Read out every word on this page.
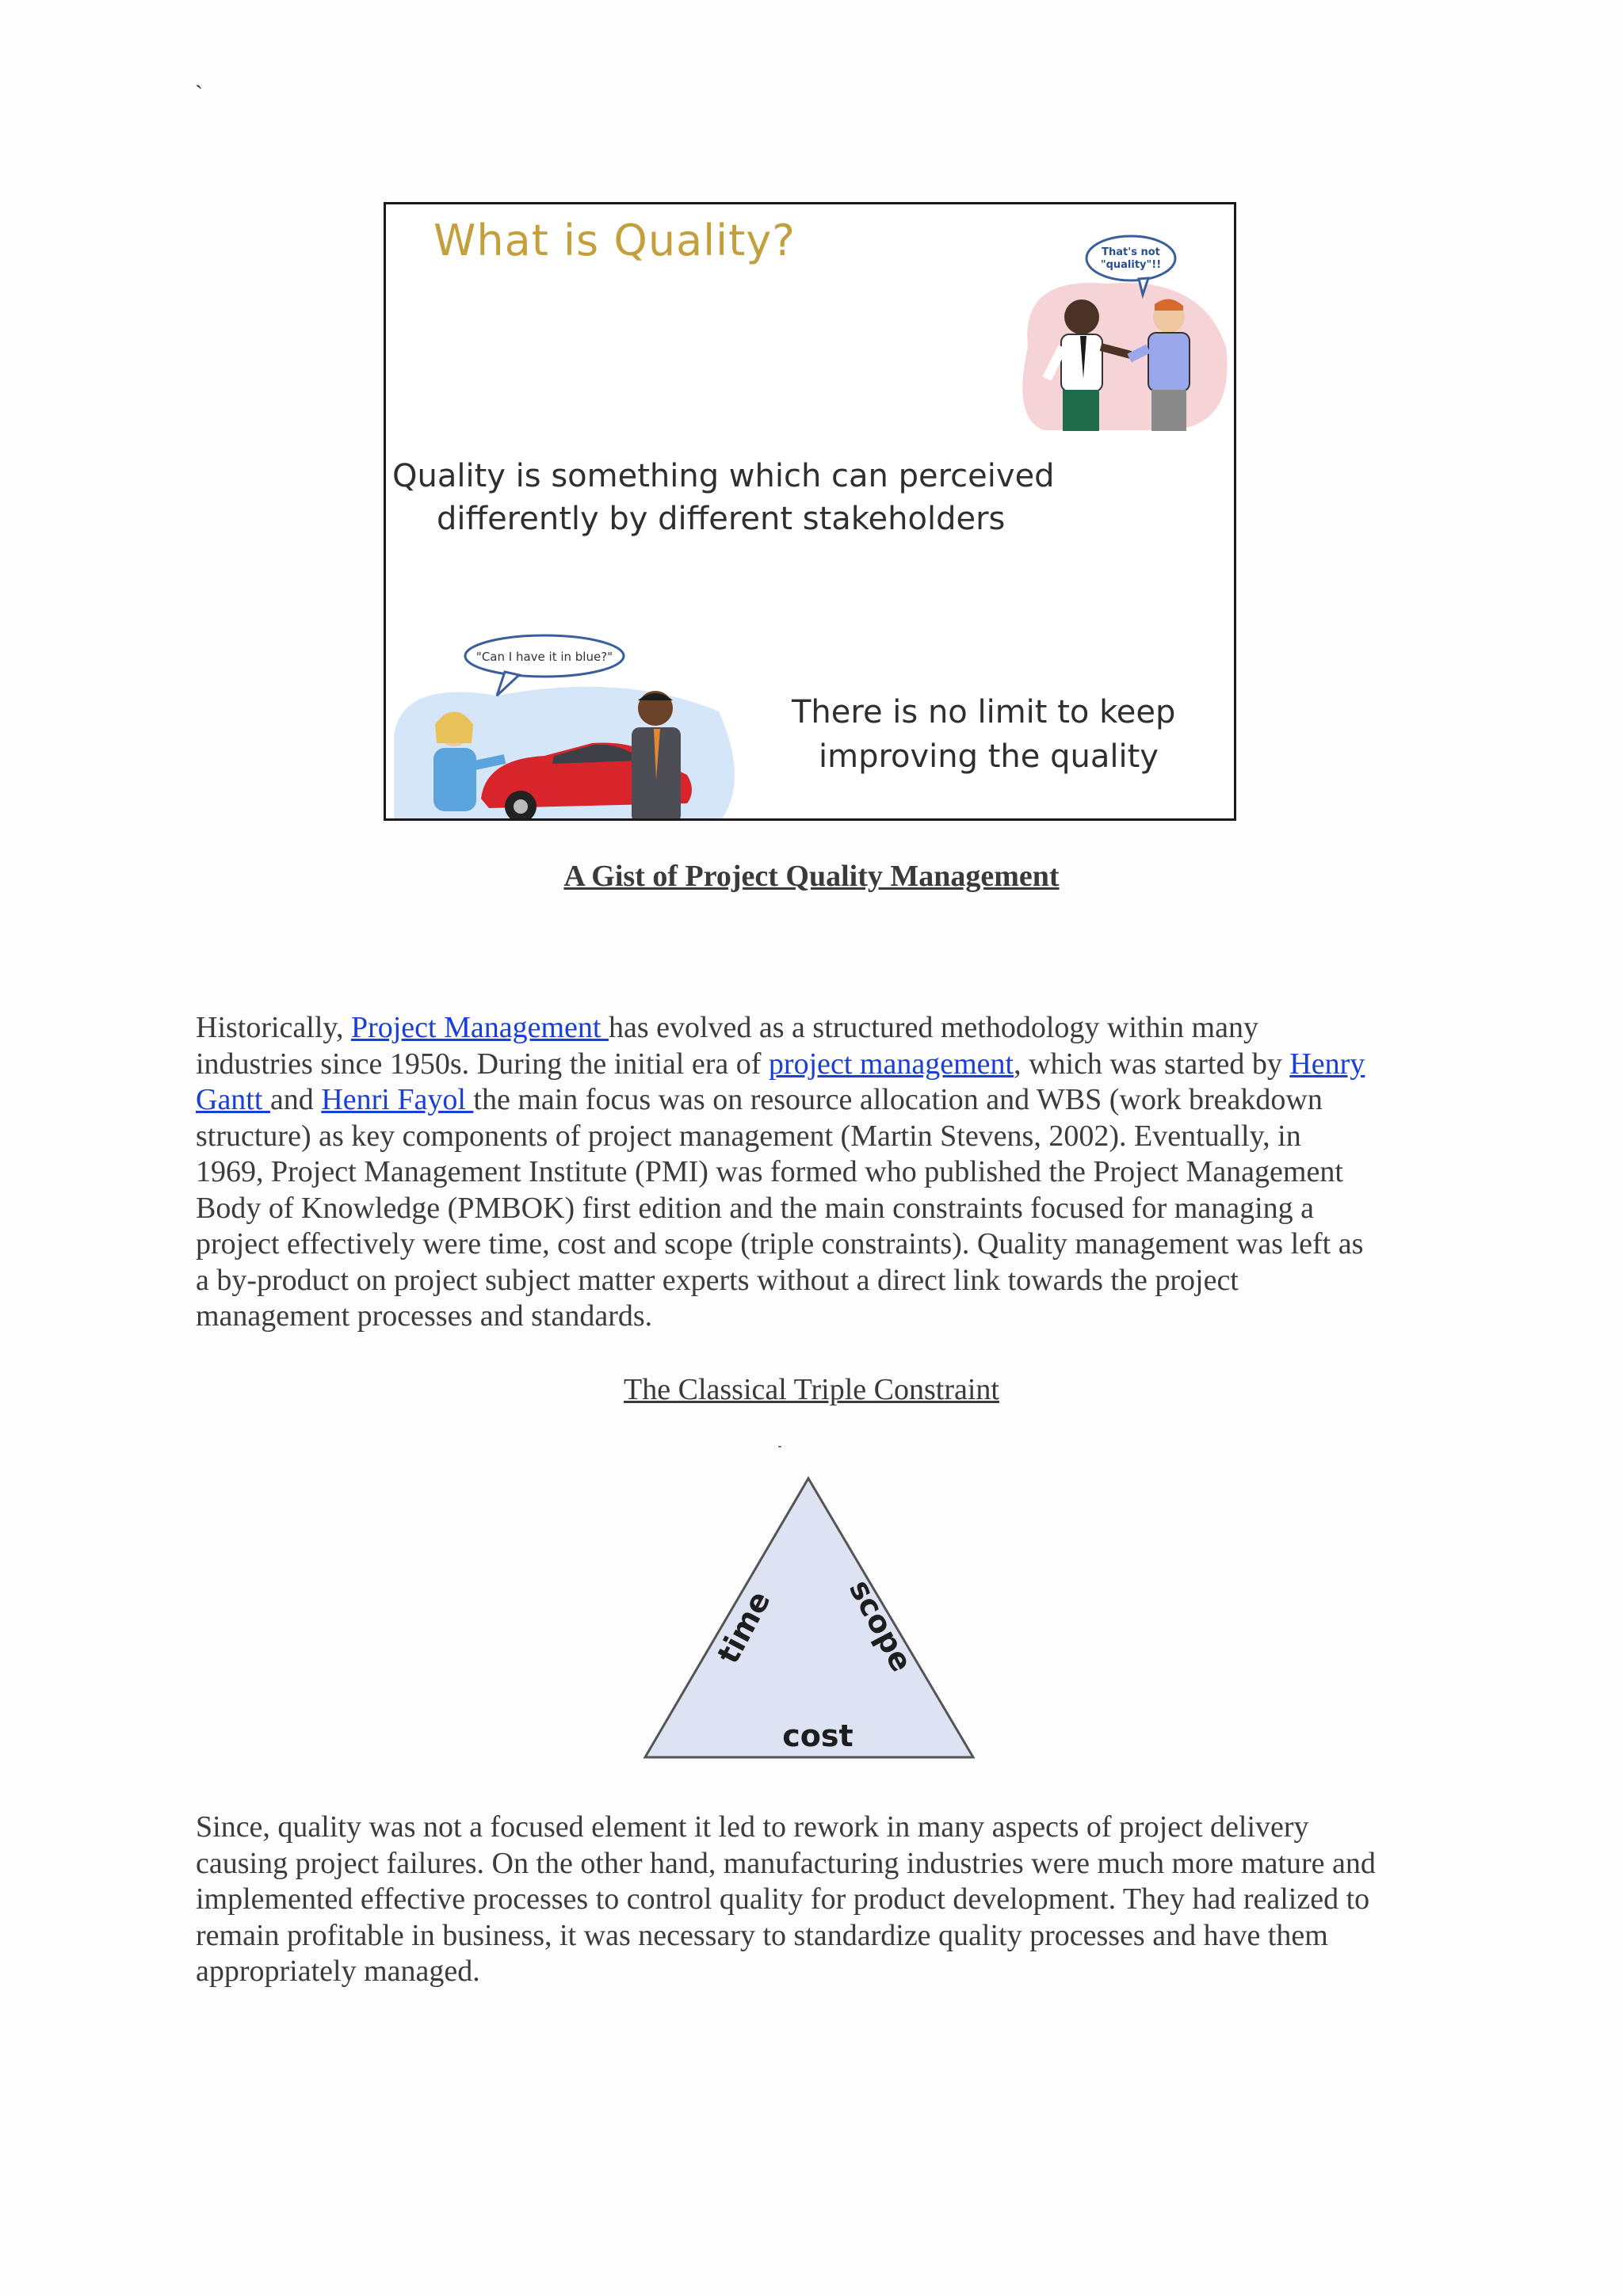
`
What is Quality?	That's not
"quality"!!
Quality is something which can perceived
differently by different stakeholders
"Can I have it in blue?"
There is no limit to keep
improving the quality
A Gist of Project Quality Management
Historically, Project Management has evolved as a structured methodology within many
industries since 1950s. During the initial era of project management, which was started by Henry
Gantt and Henri Fayol the main focus was on resource allocation and WBS (work breakdown
structure) as key components of project management (Martin Stevens, 2002). Eventually, in
1969, Project Management Institute (PMI) was formed who published the Project Management
Body of Knowledge (PMBOK) first edition and the main constraints focused for managing a
project effectively were time, cost and scope (triple constraints). Quality management was left as
a by-product on project subject matter experts without a direct link towards the project
management processes and standards.
The Classical Triple Constraint
time scope
cost
Since, quality was not a focused element it led to rework in many aspects of project delivery
causing project failures. On the other hand, manufacturing industries were much more mature and
implemented effective processes to control quality for product development. They had realized to
remain profitable in business, it was necessary to standardize quality processes and have them
appropriately managed.
